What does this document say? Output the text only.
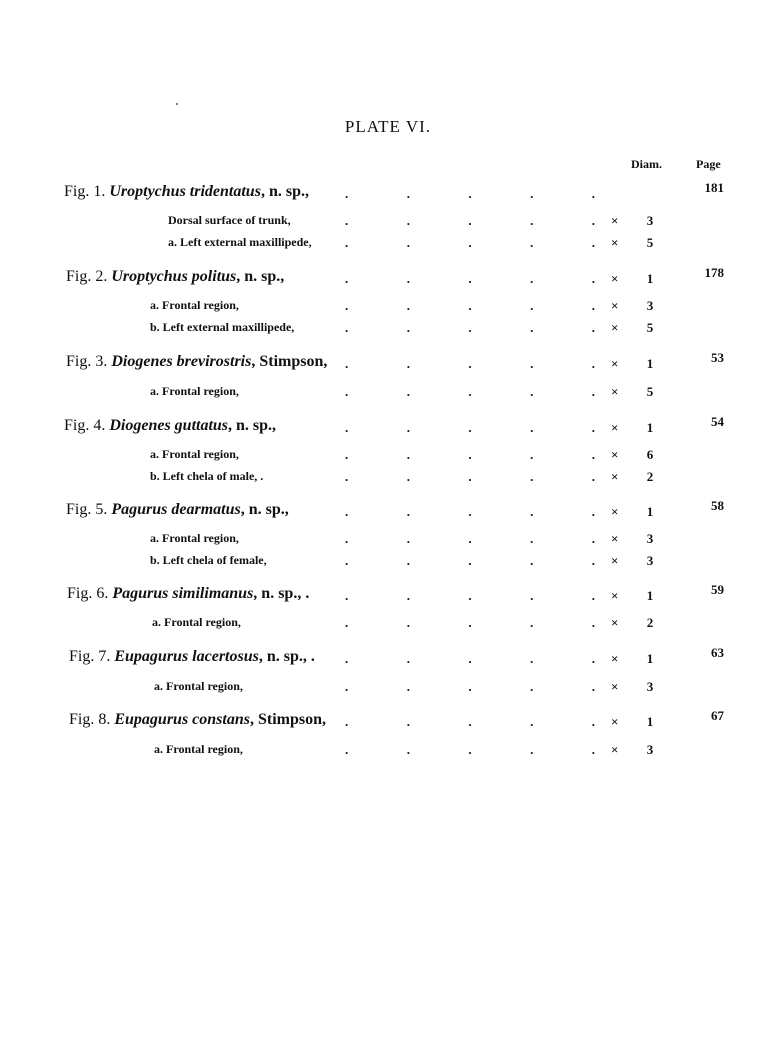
PLATE VI.
Diam.	Page
Fig. 1. Uroptychus tridentatus, n. sp.,	.	.	.	.	.	181
Dorsal surface of trunk,	.	.	.	.	. ×	3
a. Left external maxillipede,	.	.	.	.	. ×	5
Fig. 2. Uroptychus politus, n. sp.,	.	.	.	.	. ×	1	178
a. Frontal region,	.	.	.	.	. ×	3
b. Left external maxillipede,	.	.	.	.	. ×	5
Fig. 3. Diogenes brevirostris, Stimpson, .	.	.	.	. ×	1	53
a. Frontal region,	.	.	.	.	. ×	5
Fig. 4. Diogenes guttatus, n. sp.,	.	.	.	.	. ×	1	54
a. Frontal region,	.	.	.	.	. ×	6
b. Left chela of male, .	.	.	.	.	. ×	2
Fig. 5. Pagurus dearmatus, n. sp.,	.	.	.	.	. ×	1	58
a. Frontal region,	.	.	.	.	. ×	3
b. Left chela of female,	.	.	.	.	. ×	3
Fig. 6. Pagurus similimanus, n. sp., .	.	.	.	.	. ×	1	59
a. Frontal region,	.	.	.	.	. ×	2
Fig. 7. Eupagurus lacertosus, n. sp., . .	.	.	.	. ×	1	63
a. Frontal region,	.	.	.	.	. ×	3
Fig. 8. Eupagurus constans, Stimpson, .	.	.	.	. ×	1	67
a. Frontal region,	.	.	.	.	. ×	3
